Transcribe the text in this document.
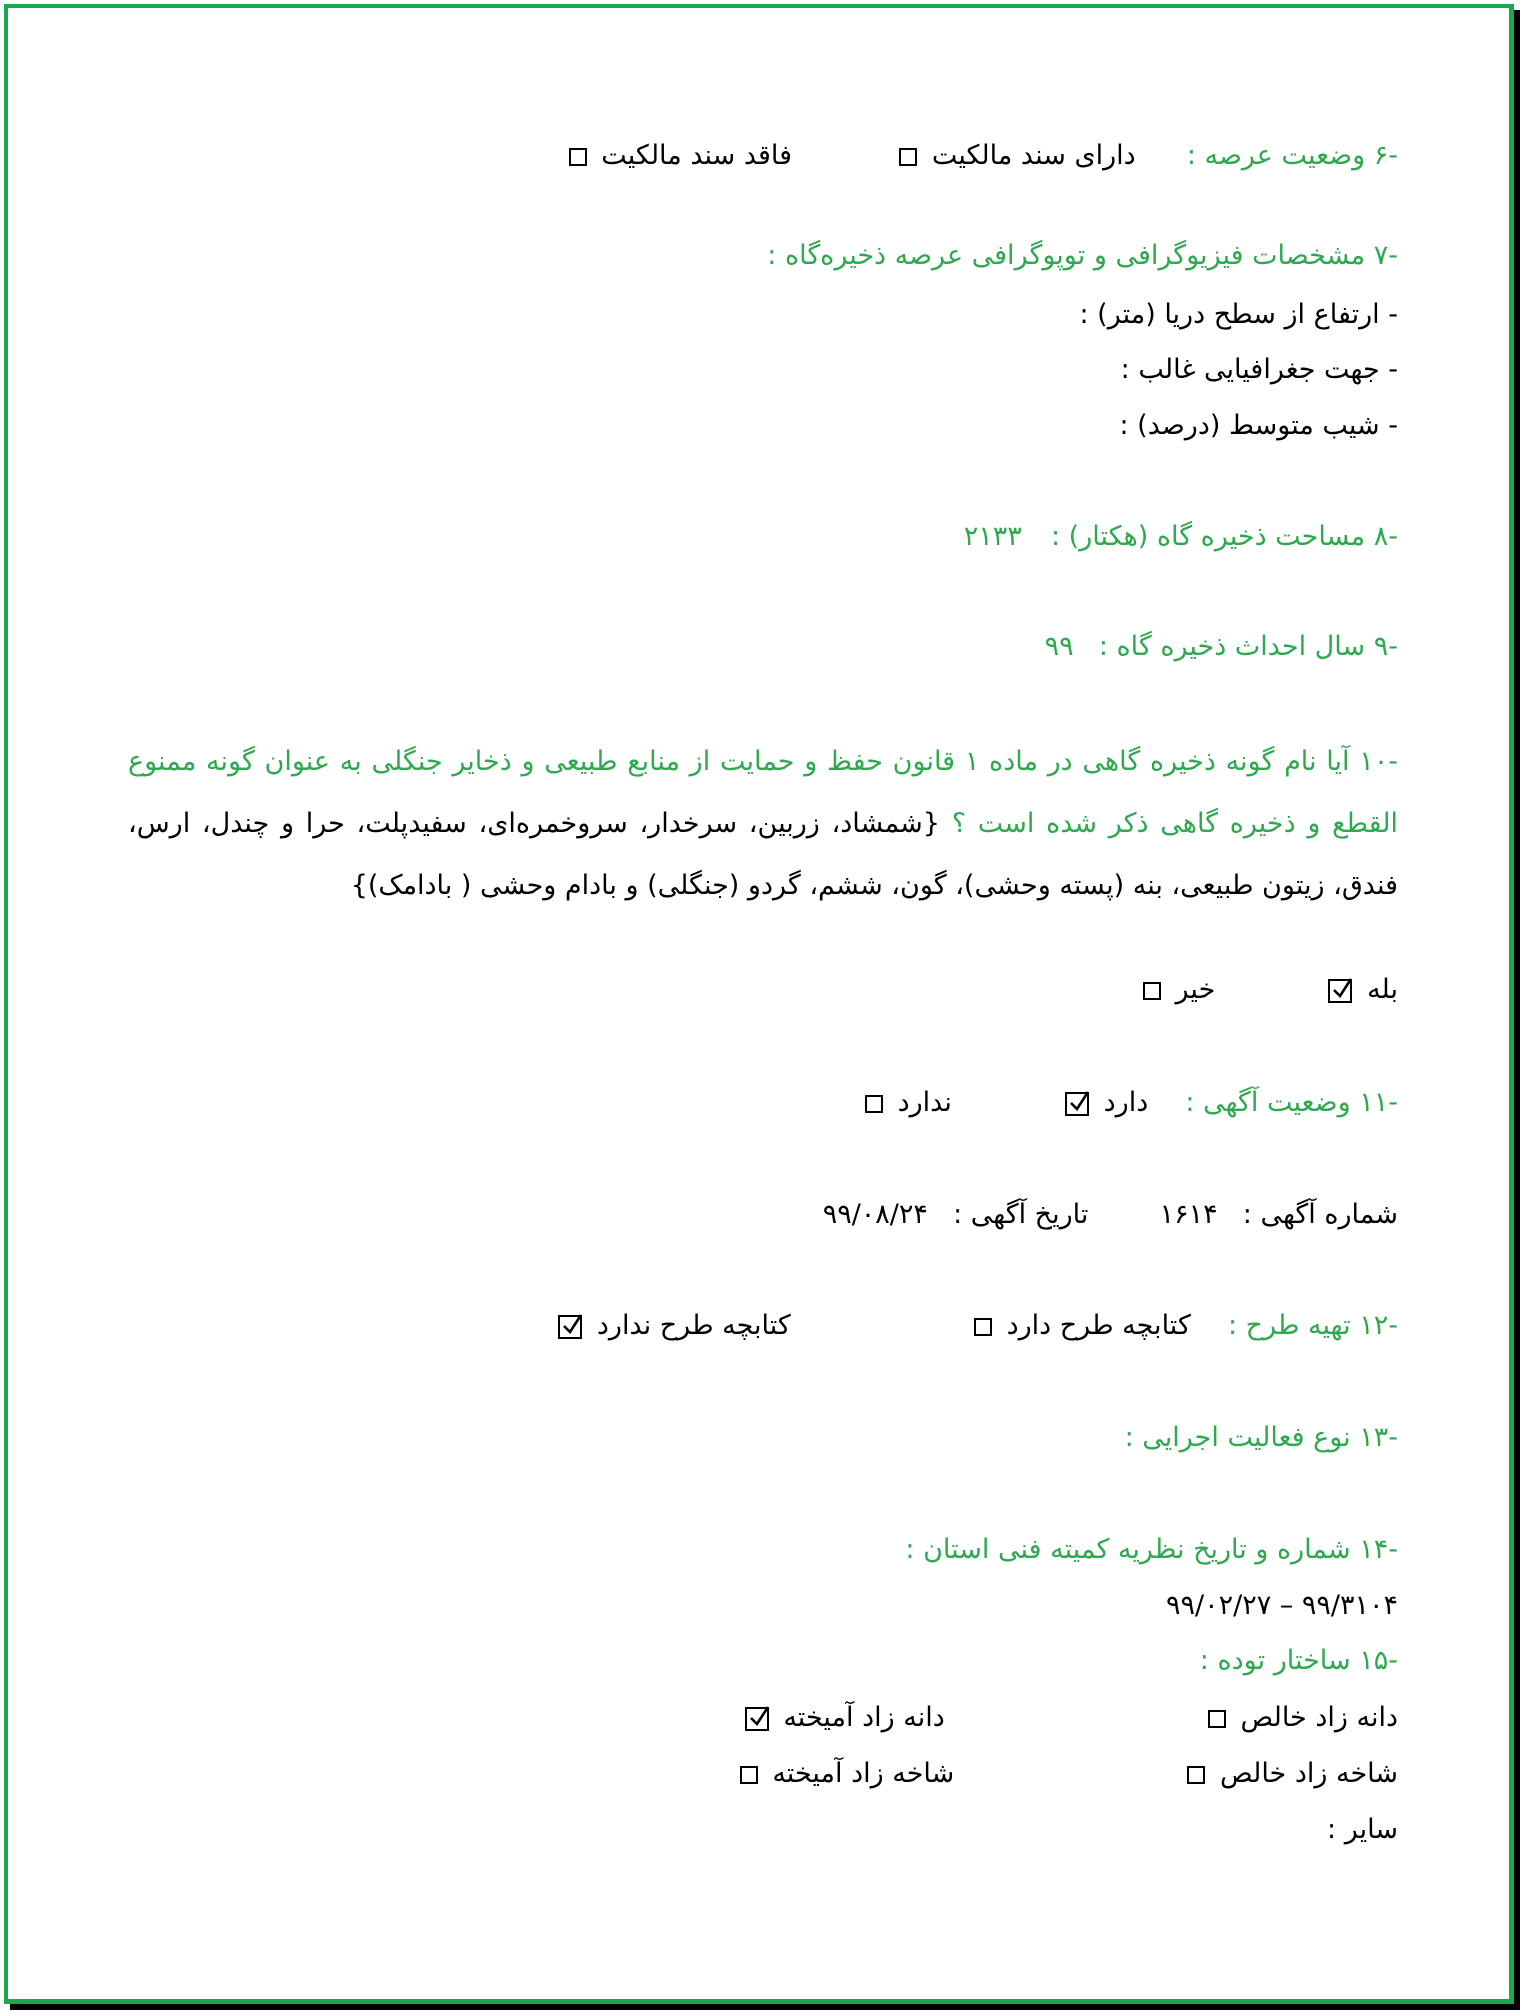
-۶ وضعیت عرصه :  دارای سند مالکیت   فاقد سند مالکیت
-۷ مشخصات فیزیوگرافی و توپوگرافی عرصه ذخیره‌گاه :
- ارتفاع از سطح دریا (متر) :
- جهت جغرافیایی غالب :
- شیب متوسط (درصد) :
-۸ مساحت ذخیره گاه (هکتار) :  ۲۱۳۳
-۹ سال احداث ذخیره گاه :  ۹۹
-۱۰ آیا نام گونه ذخیره گاهی در ماده ۱ قانون حفظ و حمایت از منابع طبیعی و ذخایر جنگلی به عنوان گونه ممنوع القطع و ذخیره گاهی ذکر شده است ؟ {شمشاد، زربین، سرخدار، سروخمره‌ای، سفیدپلت، حرا و چندل، ارس، فندق، زیتون طبیعی، بنه (پسته وحشی)، گون، ششم، گردو (جنگلی) و بادام وحشی ( بادامک)}
بله
خیر
-۱۱ وضعیت آگهی :  دارد
ندارد
شماره آگهی :  ۱۶۱۴  تاریخ آگهی :  ۹۹/۰۸/۲۴
-۱۲ تهیه طرح :  کتابچه طرح دارد   کتابچه طرح ندارد
-۱۳ نوع فعالیت اجرایی :
-۱۴ شماره و تاریخ نظریه کمیته فنی استان :
۹۹/۳۱۰۴ – ۹۹/۰۲/۲۷
-۱۵ ساختار توده :
دانه زاد خالص   دانه زاد آمیخته
شاخه زاد خالص   شاخه زاد آمیخته
سایر :
